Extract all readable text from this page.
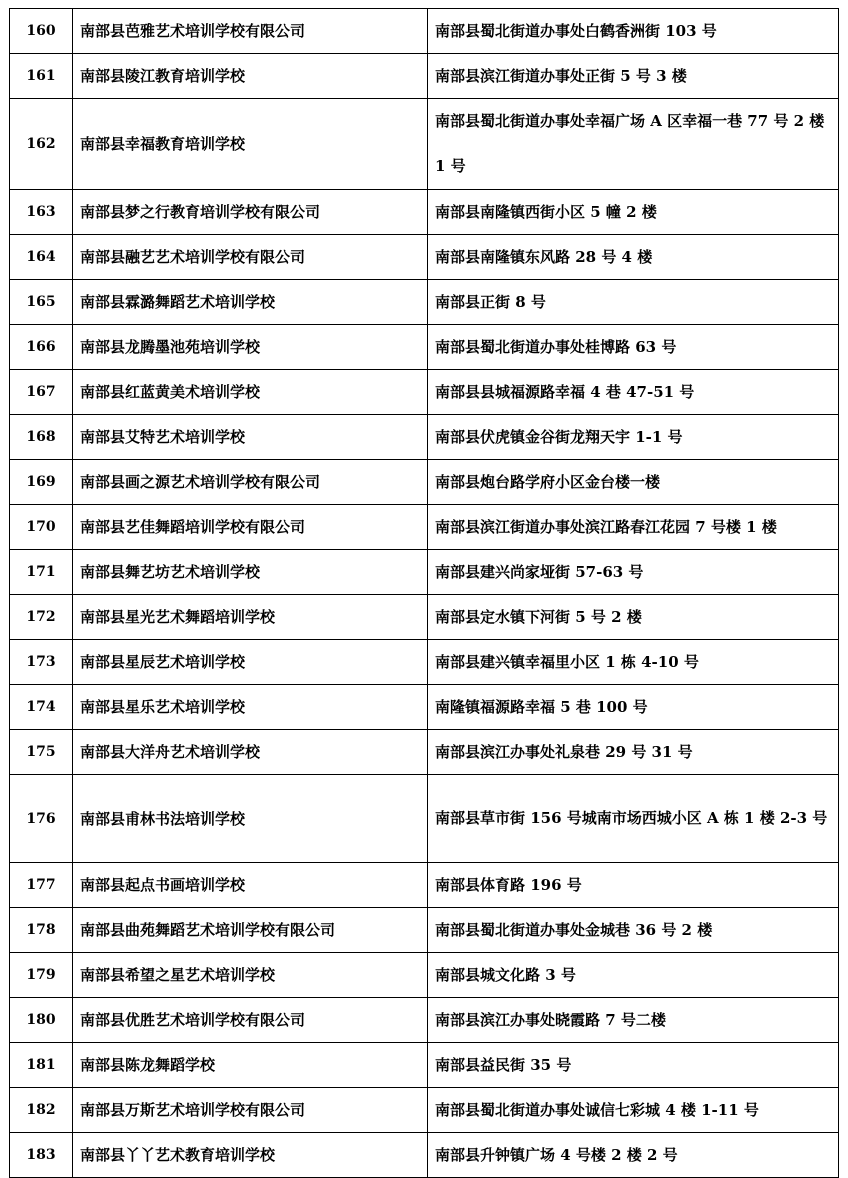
160	南部县芭雅艺术培训学校有限公司	南部县蜀北街道办事处白鹤香洲街 103 号
161	南部县陵江教育培训学校	南部县滨江街道办事处正街 5 号 3 楼
162	南部县幸福教育培训学校	南部县蜀北街道办事处幸福广场 A 区幸福一巷 77 号 2 楼 1 号

163	南部县梦之行教育培训学校有限公司	南部县南隆镇西街小区 5 幢 2 楼
164	南部县融艺艺术培训学校有限公司	南部县南隆镇东风路 28 号 4 楼
165	南部县霖潞舞蹈艺术培训学校	南部县正街 8 号
166	南部县龙腾墨池苑培训学校	南部县蜀北街道办事处桂博路 63 号
167	南部县红蓝黄美术培训学校	南部县县城福源路幸福 4 巷 47-51 号
168	南部县艾特艺术培训学校	南部县伏虎镇金谷街龙翔天宇 1-1 号
169	南部县画之源艺术培训学校有限公司	南部县炮台路学府小区金台楼一楼
170	南部县艺佳舞蹈培训学校有限公司	南部县滨江街道办事处滨江路春江花园 7 号楼 1 楼
171	南部县舞艺坊艺术培训学校	南部县建兴尚家垭街 57-63 号
172	南部县星光艺术舞蹈培训学校	南部县定水镇下河街 5 号 2 楼
173	南部县星辰艺术培训学校	南部县建兴镇幸福里小区 1 栋 4-10 号
174	南部县星乐艺术培训学校	南隆镇福源路幸福 5 巷 100 号
175	南部县大洋舟艺术培训学校	南部县滨江办事处礼泉巷 29 号 31 号
176	南部县甫林书法培训学校	南部县草市街 156 号城南市场西城小区 A 栋 1 楼 2-3 号

177	南部县起点书画培训学校	南部县体育路 196 号
178	南部县曲苑舞蹈艺术培训学校有限公司	南部县蜀北街道办事处金城巷 36 号 2 楼
179	南部县希望之星艺术培训学校	南部县城文化路 3 号
180	南部县优胜艺术培训学校有限公司	南部县滨江办事处晓霞路 7 号二楼
181	南部县陈龙舞蹈学校	南部县益民街 35 号
182	南部县万斯艺术培训学校有限公司	南部县蜀北街道办事处诚信七彩城 4 楼 1-11 号
183	南部县丫丫艺术教育培训学校	南部县升钟镇广场 4 号楼 2 楼 2 号
